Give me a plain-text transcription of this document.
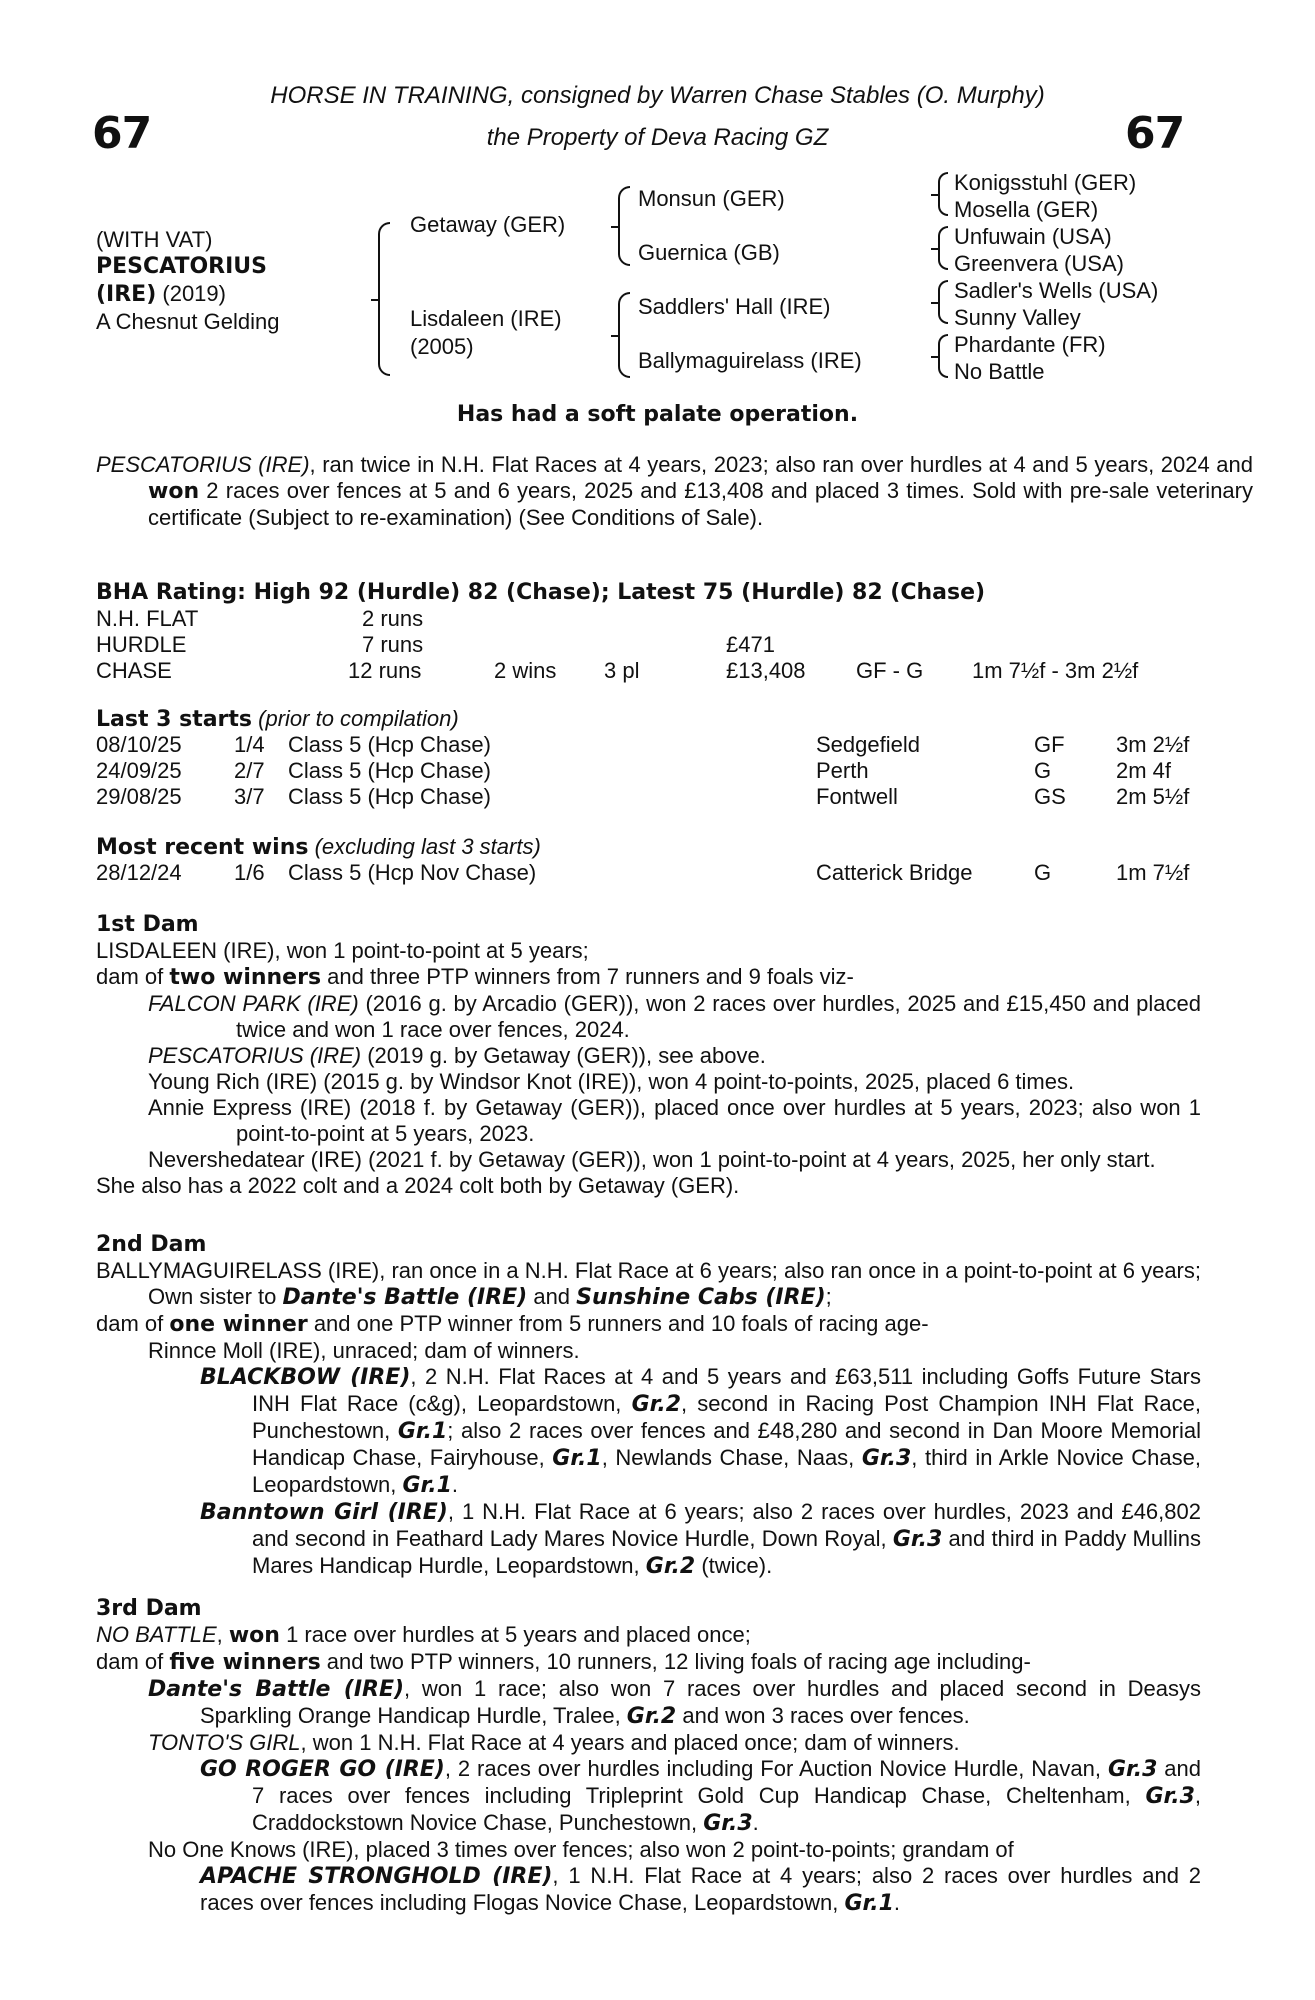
67	67
HORSE IN TRAINING, consigned by Warren Chase Stables (O. Murphy)
the Property of Deva Racing GZ
(WITH VAT)
PESCATORIUS
(IRE) (2019)
A Chesnut Gelding
Getaway (GER)
Lisdaleen (IRE)
(2005)
Monsun (GER)
Guernica (GB)
Saddlers' Hall (IRE)
Ballymaguirelass (IRE)
Konigsstuhl (GER)
Mosella (GER)
Unfuwain (USA)
Greenvera (USA)
Sadler's Wells (USA)
Sunny Valley
Phardante (FR)
No Battle
Has had a soft palate operation.
PESCATORIUS (IRE), ran twice in N.H. Flat Races at 4 years, 2023; also ran over hurdles at 4 and 5 years, 2024 and won 2 races over fences at 5 and 6 years, 2025 and £13,408 and placed 3 times. Sold with pre-sale veterinary certificate (Subject to re-examination) (See Conditions of Sale).
BHA Rating: High 92 (Hurdle) 82 (Chase); Latest 75 (Hurdle) 82 (Chase)
N.H. FLAT	2 runs
HURDLE	7 runs	£471
CHASE	12 runs	2 wins 3 pl	£13,408 GF - G 1m 7½f - 3m 2½f
Last 3 starts (prior to compilation)
08/10/25 1/4 Class 5 (Hcp Chase)	Sedgefield	GF 3m 2½f
24/09/25 2/7 Class 5 (Hcp Chase)	Perth	G	2m 4f
29/08/25 3/7 Class 5 (Hcp Chase)	Fontwell	GS 2m 5½f
Most recent wins (excluding last 3 starts)
28/12/24 1/6 Class 5 (Hcp Nov Chase)	Catterick Bridge	G	1m 7½f

1st Dam

LISDALEEN (IRE), won 1 point-to-point at 5 years;

dam of two winners and three PTP winners from 7 runners and 9 foals viz-

FALCON PARK (IRE) (2016 g. by Arcadio (GER)), won 2 races over hurdles, 2025 and £15,450 and placed twice and won 1 race over fences, 2024.

PESCATORIUS (IRE) (2019 g. by Getaway (GER)), see above.

Young Rich (IRE) (2015 g. by Windsor Knot (IRE)), won 4 point-to-points, 2025, placed 6 times.

Annie Express (IRE) (2018 f. by Getaway (GER)), placed once over hurdles at 5 years, 2023; also won 1 point-to-point at 5 years, 2023.

Nevershedatear (IRE) (2021 f. by Getaway (GER)), won 1 point-to-point at 4 years, 2025, her only start.

She also has a 2022 colt and a 2024 colt both by Getaway (GER).

2nd Dam

BALLYMAGUIRELASS (IRE), ran once in a N.H. Flat Race at 6 years; also ran once in a point-to-point at 6 years; Own sister to Dante's Battle (IRE) and Sunshine Cabs (IRE);

dam of one winner and one PTP winner from 5 runners and 10 foals of racing age-

Rinnce Moll (IRE), unraced; dam of winners.

BLACKBOW (IRE), 2 N.H. Flat Races at 4 and 5 years and £63,511 including Goffs Future Stars INH Flat Race (c&g), Leopardstown, Gr.2, second in Racing Post Champion INH Flat Race, Punchestown, Gr.1; also 2 races over fences and £48,280 and second in Dan Moore Memorial Handicap Chase, Fairyhouse, Gr.1, Newlands Chase, Naas, Gr.3, third in Arkle Novice Chase, Leopardstown, Gr.1.

Banntown Girl (IRE), 1 N.H. Flat Race at 6 years; also 2 races over hurdles, 2023 and £46,802 and second in Feathard Lady Mares Novice Hurdle, Down Royal, Gr.3 and third in Paddy Mullins Mares Handicap Hurdle, Leopardstown, Gr.2 (twice).

3rd Dam

NO BATTLE, won 1 race over hurdles at 5 years and placed once;

dam of five winners and two PTP winners, 10 runners, 12 living foals of racing age including-

Dante's Battle (IRE), won 1 race; also won 7 races over hurdles and placed second in Deasys Sparkling Orange Handicap Hurdle, Tralee, Gr.2 and won 3 races over fences.

TONTO'S GIRL, won 1 N.H. Flat Race at 4 years and placed once; dam of winners.

GO ROGER GO (IRE), 2 races over hurdles including For Auction Novice Hurdle, Navan, Gr.3 and 7 races over fences including Tripleprint Gold Cup Handicap Chase, Cheltenham, Gr.3, Craddockstown Novice Chase, Punchestown, Gr.3.

No One Knows (IRE), placed 3 times over fences; also won 2 point-to-points; grandam of

APACHE STRONGHOLD (IRE), 1 N.H. Flat Race at 4 years; also 2 races over hurdles and 2 races over fences including Flogas Novice Chase, Leopardstown, Gr.1.
